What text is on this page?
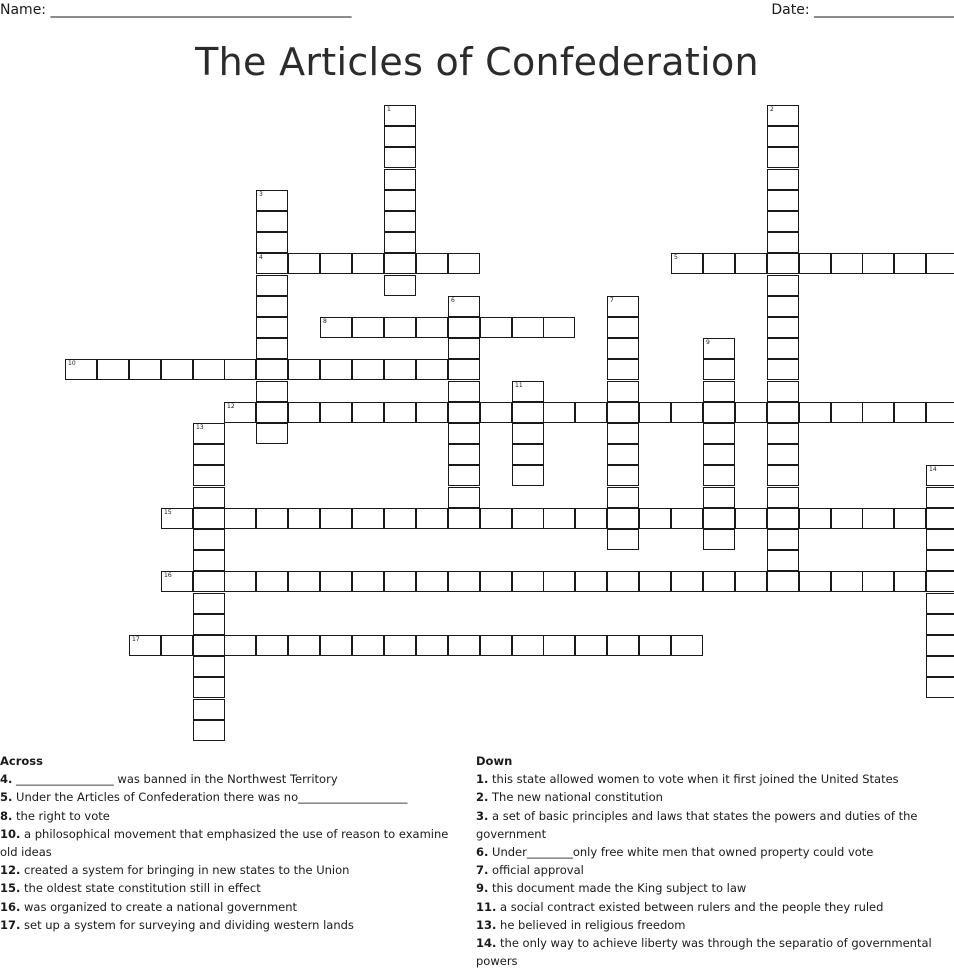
Name: ___________________________________________	Date: ____________________
The Articles of Confederation
1	2
3
4	5
6	7
8
9
10
11
12
13
14
15
16
17
Across
4. _________________ was banned in the Northwest Territory
5. Under the Articles of Confederation there was no___________________
8. the right to vote
10. a philosophical movement that emphasized the use of reason to examine old ideas
12. created a system for bringing in new states to the Union
15. the oldest state constitution still in effect
16. was organized to create a national government
17. set up a system for surveying and dividing western lands
Down
1. this state allowed women to vote when it first joined the United States
2. The new national constitution
3. a set of basic principles and laws that states the powers and duties of the government
6. Under________only free white men that owned property could vote
7. official approval
9. this document made the King subject to law
11. a social contract existed between rulers and the people they ruled
13. he believed in religious freedom
14. the only way to achieve liberty was through the separatio of governmental powers
